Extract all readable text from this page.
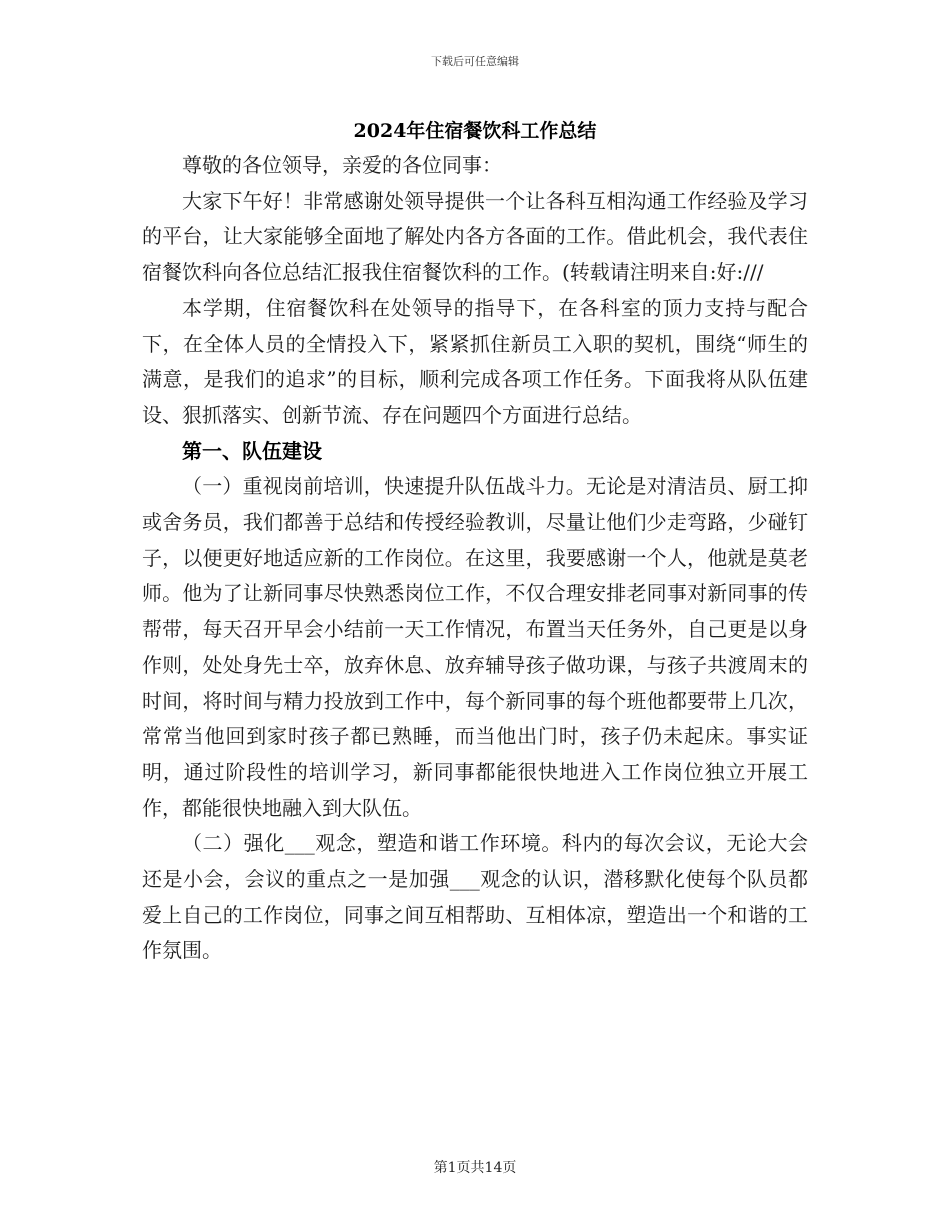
下载后可任意编辑
2024年住宿餐饮科工作总结

尊敬的各位领导，亲爱的各位同事：

大家下午好！非常感谢处领导提供一个让各科互相沟通工作经验及学习的平台，让大家能够全面地了解处内各方各面的工作。借此机会，我代表住宿餐饮科向各位总结汇报我住宿餐饮科的工作。(转载请注明来自:好:///

本学期，住宿餐饮科在处领导的指导下，在各科室的顶力支持与配合下，在全体人员的全情投入下，紧紧抓住新员工入职的契机，围绕“师生的满意，是我们的追求”的目标，顺利完成各项工作任务。下面我将从队伍建设、狠抓落实、创新节流、存在问题四个方面进行总结。

第一、队伍建设

（一）重视岗前培训，快速提升队伍战斗力。无论是对清洁员、厨工抑或舍务员，我们都善于总结和传授经验教训，尽量让他们少走弯路，少碰钉子，以便更好地适应新的工作岗位。在这里，我要感谢一个人，他就是莫老师。他为了让新同事尽快熟悉岗位工作，不仅合理安排老同事对新同事的传帮带，每天召开早会小结前一天工作情况，布置当天任务外，自己更是以身作则，处处身先士卒，放弃休息、放弃辅导孩子做功课，与孩子共渡周末的时间，将时间与精力投放到工作中，每个新同事的每个班他都要带上几次，常常当他回到家时孩子都已熟睡，而当他出门时，孩子仍未起床。事实证明，通过阶段性的培训学习，新同事都能很快地进入工作岗位独立开展工作，都能很快地融入到大队伍。

（二）强化___观念，塑造和谐工作环境。科内的每次会议，无论大会还是小会，会议的重点之一是加强___观念的认识，潜移默化使每个队员都爱上自己的工作岗位，同事之间互相帮助、互相体凉，塑造出一个和谐的工作氛围。

第1页共14页
